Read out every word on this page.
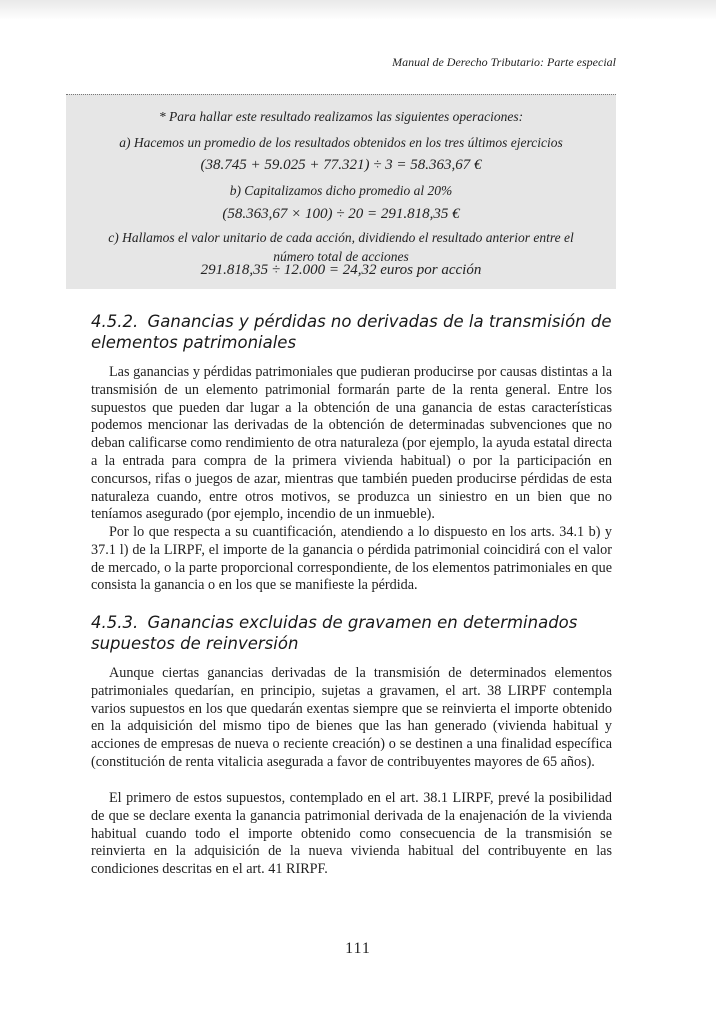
Manual de Derecho Tributario: Parte especial

* Para hallar este resultado realizamos las siguientes operaciones:

a) Hacemos un promedio de los resultados obtenidos en los tres últimos ejercicios

(38.745 + 59.025 + 77.321) ÷ 3 = 58.363,67 €

b) Capitalizamos dicho promedio al 20%

(58.363,67 × 100) ÷ 20 = 291.818,35 €

c) Hallamos el valor unitario de cada acción, dividiendo el resultado anterior entre el número total de acciones

291.818,35 ÷ 12.000 = 24,32 euros por acción

4.5.2. Ganancias y pérdidas no derivadas de la transmisión de elementos patrimoniales

Las ganancias y pérdidas patrimoniales que pudieran producirse por causas distintas a la transmisión de un elemento patrimonial formarán parte de la renta general. Entre los supuestos que pueden dar lugar a la obtención de una ganancia de estas características podemos mencionar las derivadas de la obtención de determinadas subvenciones que no deban calificarse como rendimiento de otra naturaleza (por ejemplo, la ayuda estatal directa a la entrada para compra de la primera vivienda habitual) o por la participación en concursos, rifas o juegos de azar, mientras que también pueden producirse pérdidas de esta naturaleza cuando, entre otros motivos, se produzca un siniestro en un bien que no teníamos asegurado (por ejemplo, incendio de un inmueble).

Por lo que respecta a su cuantificación, atendiendo a lo dispuesto en los arts. 34.1 b) y 37.1 l) de la LIRPF, el importe de la ganancia o pérdida patrimonial coincidirá con el valor de mercado, o la parte proporcional correspondiente, de los elementos patrimoniales en que consista la ganancia o en los que se manifieste la pérdida.

4.5.3. Ganancias excluidas de gravamen en determinados supuestos de reinversión

Aunque ciertas ganancias derivadas de la transmisión de determinados elementos patrimoniales quedarían, en principio, sujetas a gravamen, el art. 38 LIRPF contempla varios supuestos en los que quedarán exentas siempre que se reinvierta el importe obtenido en la adquisición del mismo tipo de bienes que las han generado (vivienda habitual y acciones de empresas de nueva o reciente creación) o se destinen a una finalidad específica (constitución de renta vitalicia asegurada a favor de contribuyentes mayores de 65 años).

El primero de estos supuestos, contemplado en el art. 38.1 LIRPF, prevé la posibilidad de que se declare exenta la ganancia patrimonial derivada de la enajenación de la vivienda habitual cuando todo el importe obtenido como consecuencia de la transmisión se reinvierta en la adquisición de la nueva vivienda habitual del contribuyente en las condiciones descritas en el art. 41 RIRPF.

111
